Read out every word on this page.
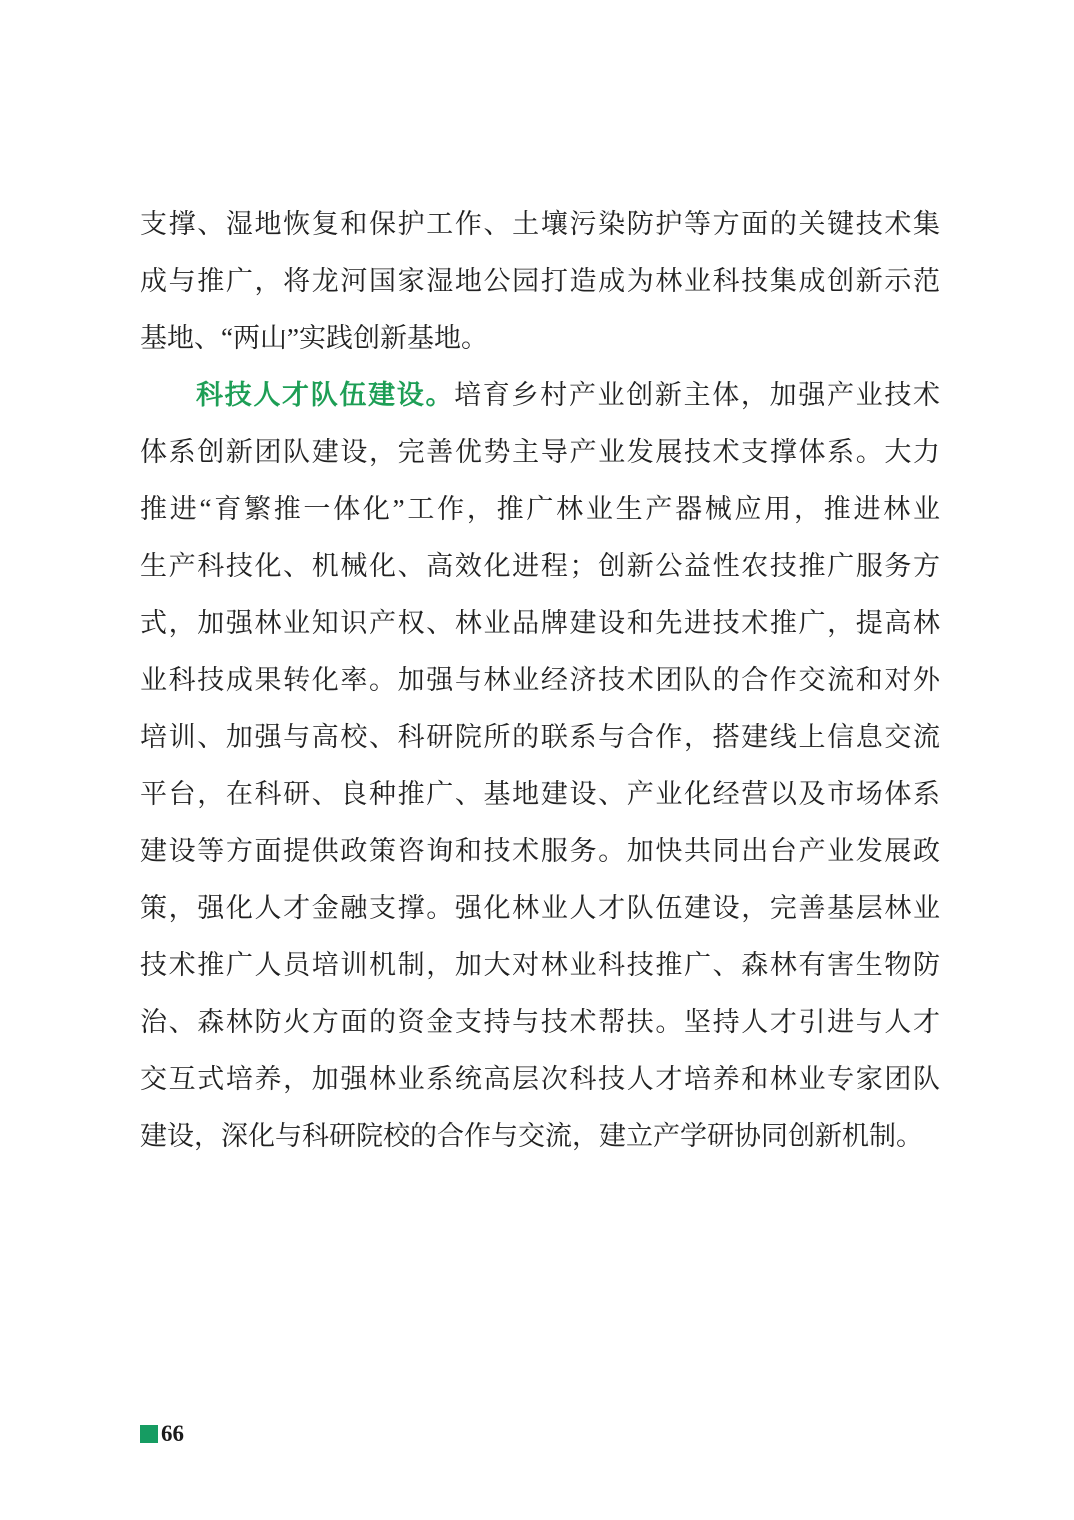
支撑、湿地恢复和保护工作、土壤污染防护等方面的关键技术集

成与推广，将龙河国家湿地公园打造成为林业科技集成创新示范

基地、“两山”实践创新基地。

科技人才队伍建设。培育乡村产业创新主体，加强产业技术

体系创新团队建设，完善优势主导产业发展技术支撑体系。大力

推进“育繁推一体化”工作，推广林业生产器械应用，推进林业

生产科技化、机械化、高效化进程；创新公益性农技推广服务方

式，加强林业知识产权、林业品牌建设和先进技术推广，提高林

业科技成果转化率。加强与林业经济技术团队的合作交流和对外

培训、加强与高校、科研院所的联系与合作，搭建线上信息交流

平台，在科研、良种推广、基地建设、产业化经营以及市场体系

建设等方面提供政策咨询和技术服务。加快共同出台产业发展政

策，强化人才金融支撑。强化林业人才队伍建设，完善基层林业

技术推广人员培训机制，加大对林业科技推广、森林有害生物防

治、森林防火方面的资金支持与技术帮扶。坚持人才引进与人才

交互式培养，加强林业系统高层次科技人才培养和林业专家团队

建设，深化与科研院校的合作与交流，建立产学研协同创新机制。

66
